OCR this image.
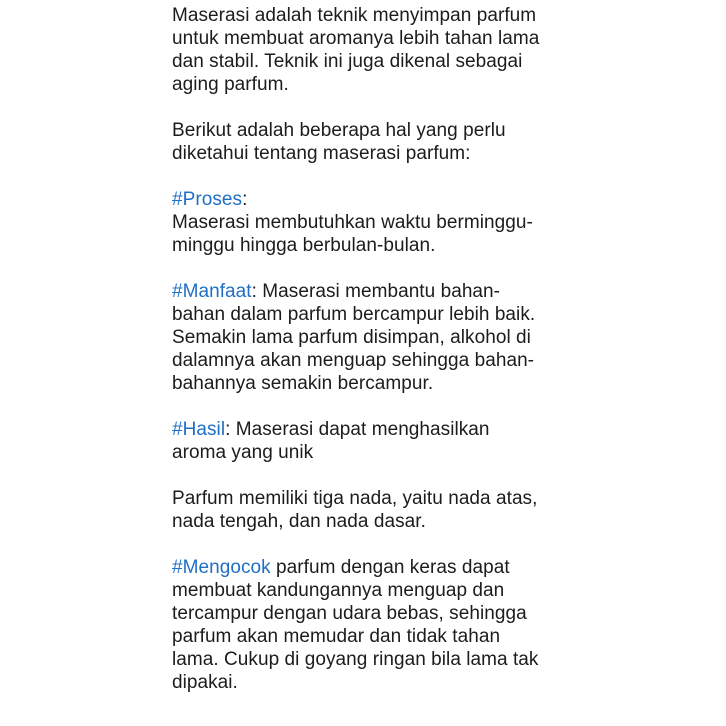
Maserasi adalah teknik menyimpan parfum
untuk membuat aromanya lebih tahan lama
dan stabil. Teknik ini juga dikenal sebagai
aging parfum.

Berikut adalah beberapa hal yang perlu
diketahui tentang maserasi parfum:

#Proses:
Maserasi membutuhkan waktu berminggu-
minggu hingga berbulan-bulan.

#Manfaat: Maserasi membantu bahan-
bahan dalam parfum bercampur lebih baik.
Semakin lama parfum disimpan, alkohol di
dalamnya akan menguap sehingga bahan-
bahannya semakin bercampur.

#Hasil: Maserasi dapat menghasilkan
aroma yang unik

Parfum memiliki tiga nada, yaitu nada atas,
nada tengah, dan nada dasar.

#Mengocok parfum dengan keras dapat
membuat kandungannya menguap dan
tercampur dengan udara bebas, sehingga
parfum akan memudar dan tidak tahan
lama. Cukup di goyang ringan bila lama tak
dipakai.
